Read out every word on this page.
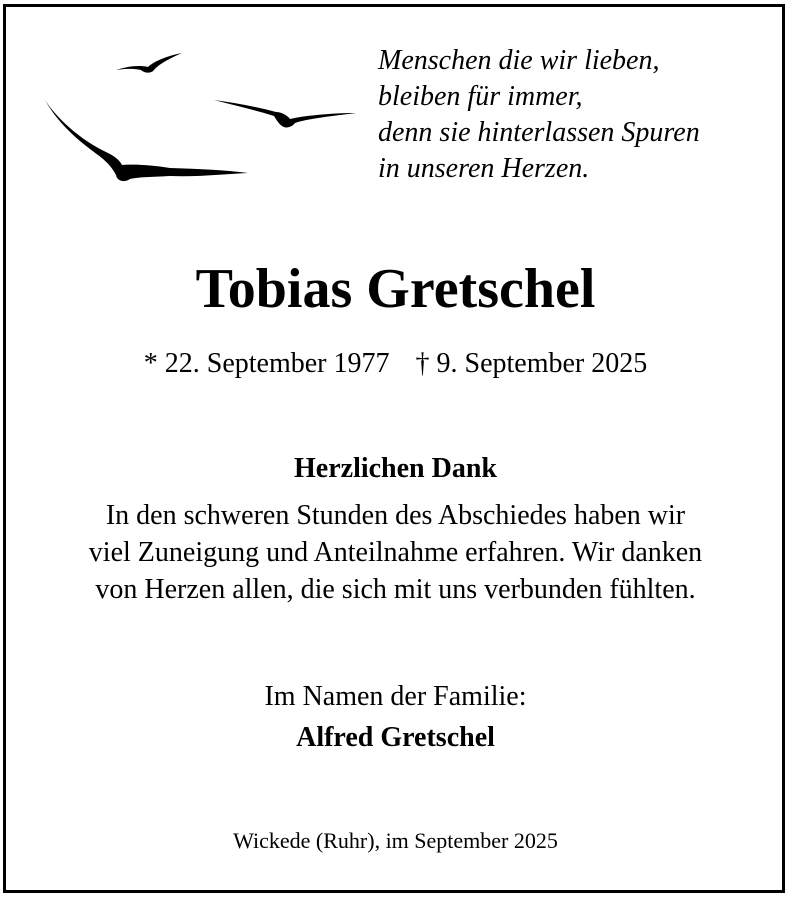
Menschen die wir lieben,
bleiben für immer,
denn sie hinterlassen Spuren
in unseren Herzen.
Tobias Gretschel
* 22. September 1977 † 9. September 2025
Herzlichen Dank
In den schweren Stunden des Abschiedes haben wir
viel Zuneigung und Anteilnahme erfahren. Wir danken
von Herzen allen, die sich mit uns verbunden fühlten.
Im Namen der Familie:
Alfred Gretschel
Wickede (Ruhr), im September 2025
